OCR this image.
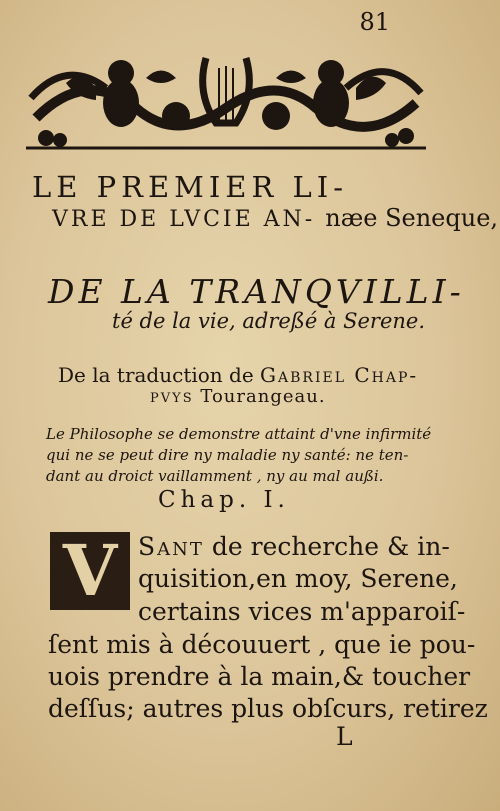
81
LE PREMIER LI-
VRE DE LVCIE AN- næe Seneque,
DE LA TRANQVILLI-
té de la vie, adreßé à Serene.
De la traduction de Gabriel Chap-
pvys Tourangeau.
Le Philosophe se demonstre attaint d'vne infirmité
qui ne se peut dire ny maladie ny santé: ne ten-
dant au droict vaillamment , ny au mal außi.
Chap. I.
V Sant de recherche & in-
quisition,en moy, Serene,
certains vices m'apparoiſ-
ſent mis à découuert , que ie pou-
uois prendre à la main,& toucher
deſſus; autres plus obſcurs, retirez
L
